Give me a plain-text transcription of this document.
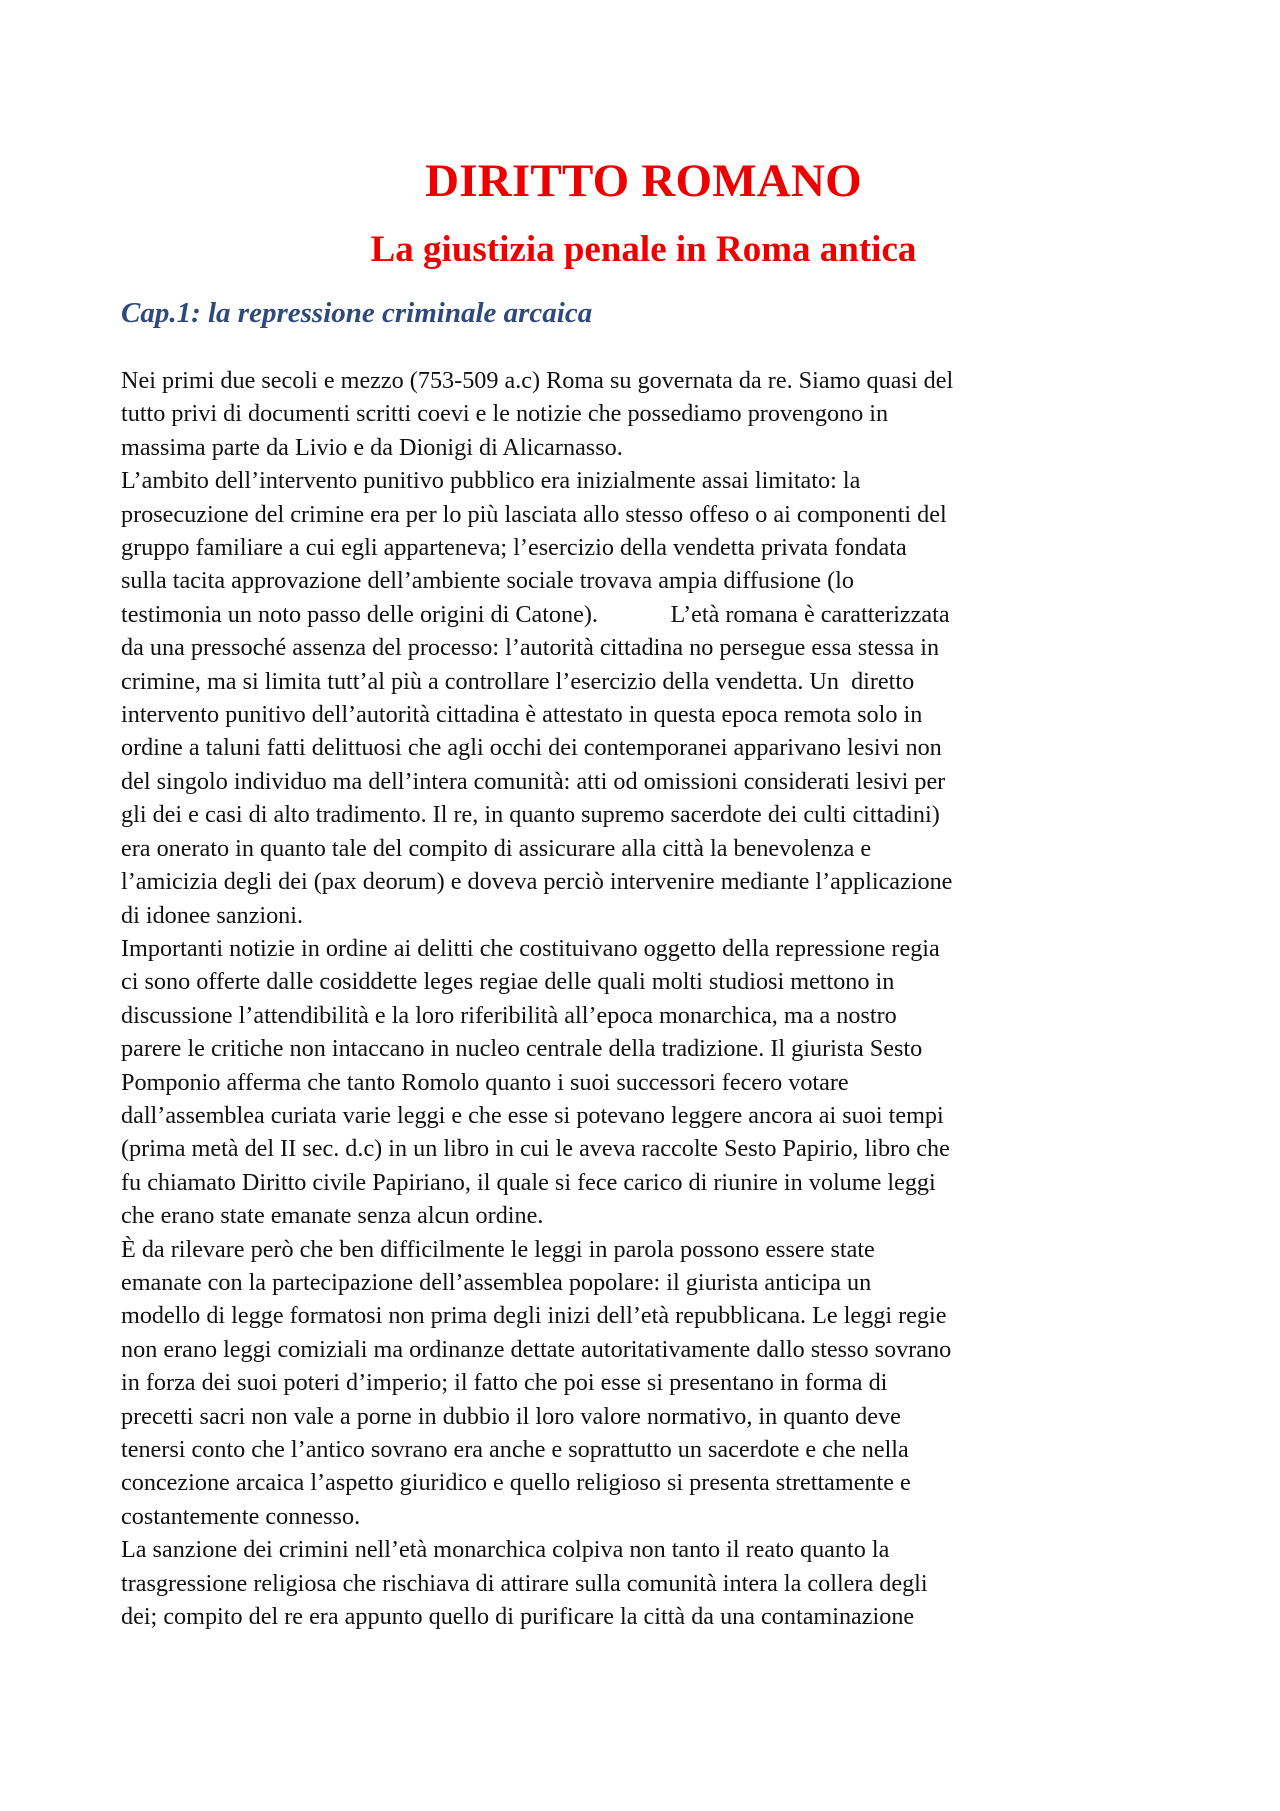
DIRITTO ROMANO
La giustizia penale in Roma antica
Cap.1: la repressione criminale arcaica
Nei primi due secoli e mezzo (753-509 a.c) Roma su governata da re. Siamo quasi del
tutto privi di documenti scritti coevi e le notizie che possediamo provengono in
massima parte da Livio e da Dionigi di Alicarnasso.
L’ambito dell’intervento punitivo pubblico era inizialmente assai limitato: la
prosecuzione del crimine era per lo più lasciata allo stesso offeso o ai componenti del
gruppo familiare a cui egli apparteneva; l’esercizio della vendetta privata fondata
sulla tacita approvazione dell’ambiente sociale trovava ampia diffusione (lo
testimonia un noto passo delle origini di Catone).            L’età romana è caratterizzata
da una pressoché assenza del processo: l’autorità cittadina no persegue essa stessa in
crimine, ma si limita tutt’al più a controllare l’esercizio della vendetta. Un  diretto
intervento punitivo dell’autorità cittadina è attestato in questa epoca remota solo in
ordine a taluni fatti delittuosi che agli occhi dei contemporanei apparivano lesivi non
del singolo individuo ma dell’intera comunità: atti od omissioni considerati lesivi per
gli dei e casi di alto tradimento. Il re, in quanto supremo sacerdote dei culti cittadini)
era onerato in quanto tale del compito di assicurare alla città la benevolenza e
l’amicizia degli dei (pax deorum) e doveva perciò intervenire mediante l’applicazione
di idonee sanzioni.
Importanti notizie in ordine ai delitti che costituivano oggetto della repressione regia
ci sono offerte dalle cosiddette leges regiae delle quali molti studiosi mettono in
discussione l’attendibilità e la loro riferibilità all’epoca monarchica, ma a nostro
parere le critiche non intaccano in nucleo centrale della tradizione. Il giurista Sesto
Pomponio afferma che tanto Romolo quanto i suoi successori fecero votare
dall’assemblea curiata varie leggi e che esse si potevano leggere ancora ai suoi tempi
(prima metà del II sec. d.c) in un libro in cui le aveva raccolte Sesto Papirio, libro che
fu chiamato Diritto civile Papiriano, il quale si fece carico di riunire in volume leggi
che erano state emanate senza alcun ordine.
È da rilevare però che ben difficilmente le leggi in parola possono essere state
emanate con la partecipazione dell’assemblea popolare: il giurista anticipa un
modello di legge formatosi non prima degli inizi dell’età repubblicana. Le leggi regie
non erano leggi comiziali ma ordinanze dettate autoritativamente dallo stesso sovrano
in forza dei suoi poteri d’imperio; il fatto che poi esse si presentano in forma di
precetti sacri non vale a porne in dubbio il loro valore normativo, in quanto deve
tenersi conto che l’antico sovrano era anche e soprattutto un sacerdote e che nella
concezione arcaica l’aspetto giuridico e quello religioso si presenta strettamente e
costantemente connesso.
La sanzione dei crimini nell’età monarchica colpiva non tanto il reato quanto la
trasgressione religiosa che rischiava di attirare sulla comunità intera la collera degli
dei; compito del re era appunto quello di purificare la città da una contaminazione
